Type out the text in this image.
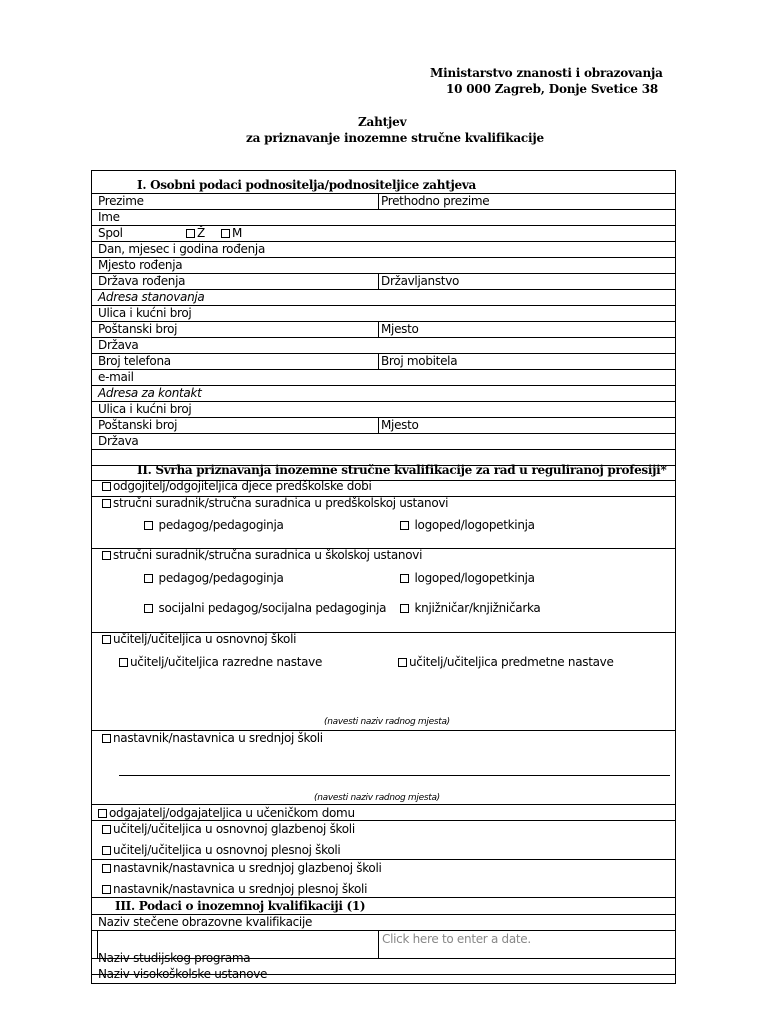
Ministarstvo znanosti i obrazovanja
10 000 Zagreb, Donje Svetice 38
Zahtjev
za priznavanje inozemne stručne kvalifikacije
I. Osobni podaci podnositelja/podnositeljice zahtjeva
Prezime	Prethodno prezime
Ime
Spol	Ž	M
Dan, mjesec i godina rođenja
Mjesto rođenja
Država rođenja	Državljanstvo
Adresa stanovanja
Ulica i kućni broj
Poštanski broj	Mjesto
Država
Broj telefona	Broj mobitela
e-mail
Adresa za kontakt
Ulica i kućni broj
Poštanski broj	Mjesto
Država
II. Svrha priznavanja inozemne stručne kvalifikacije za rad u reguliranoj profesiji*
odgojitelj/odgojiteljica djece predškolske dobi
stručni suradnik/stručna suradnica u predškolskoj ustanovi
pedagog/pedagoginja	logoped/logopetkinja
stručni suradnik/stručna suradnica u školskoj ustanovi
pedagog/pedagoginja	logoped/logopetkinja
socijalni pedagog/socijalna pedagoginja	knjižničar/knjižničarka
učitelj/učiteljica u osnovnoj školi
učitelj/učiteljica razredne nastave	učitelj/učiteljica predmetne nastave
(navesti naziv radnog mjesta)
nastavnik/nastavnica u srednjoj školi
(navesti naziv radnog mjesta)
odgajatelj/odgajateljica u učeničkom domu
učitelj/učiteljica u osnovnoj glazbenoj školi
učitelj/učiteljica u osnovnoj plesnoj školi
nastavnik/nastavnica u srednjoj glazbenoj školi
nastavnik/nastavnica u srednjoj plesnoj školi
III. Podaci o inozemnoj kvalifikaciji (1)
Naziv stečene obrazovne kvalifikacije
Click here to enter a date.
Naziv studijskog programa
Naziv visokoškolske ustanove
